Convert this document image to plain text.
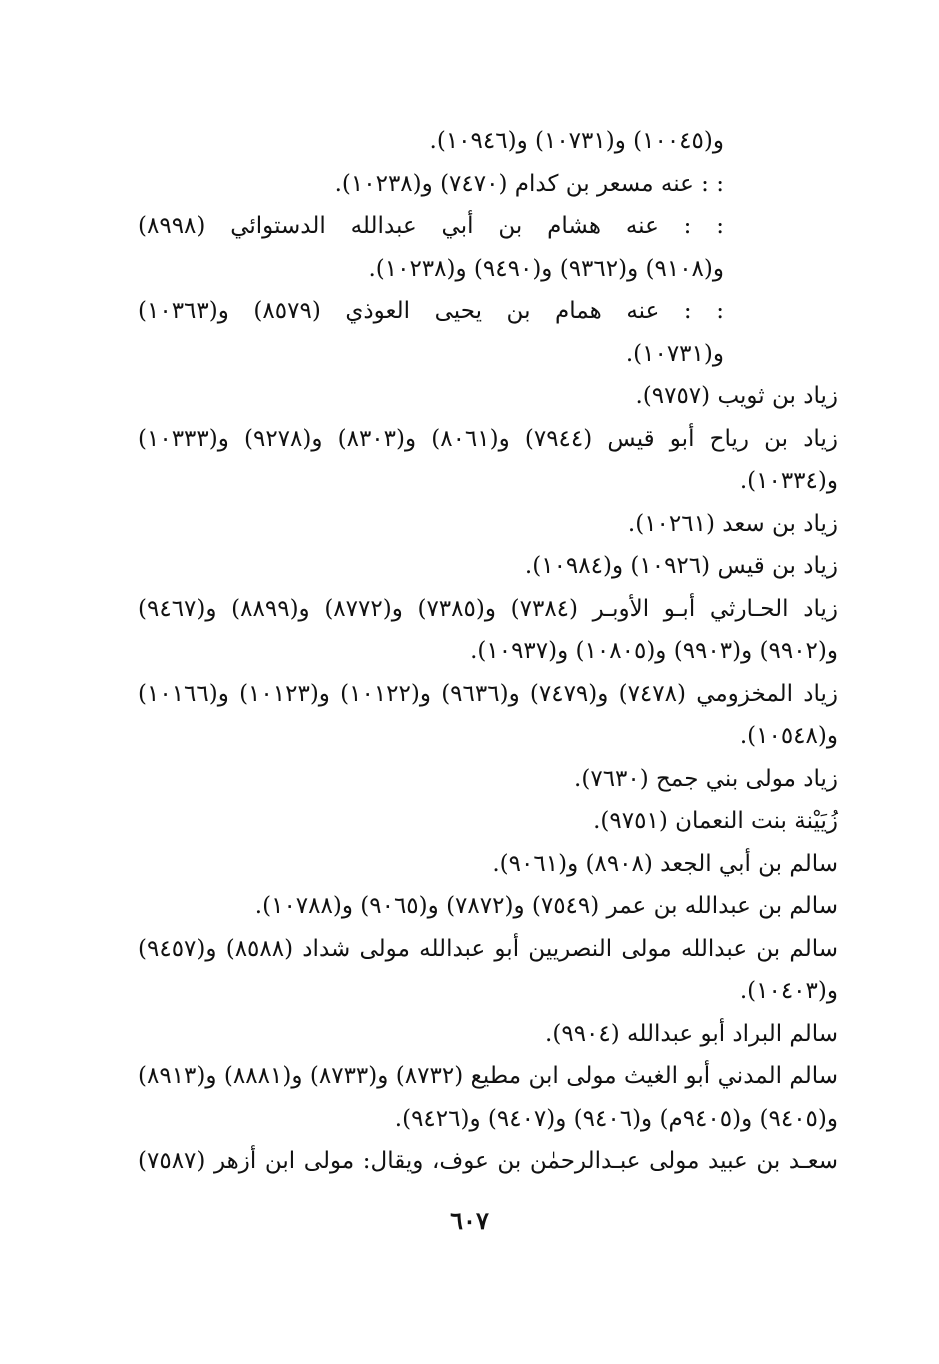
و(١٠٠٤٥) و(١٠٧٣١) و(١٠٩٤٦).
: : عنه مسعر بن كدام (٧٤٧٠) و(١٠٢٣٨).
: : عنه هشام بن أبي عبدالله الدستوائي (٨٩٩٨)
و(٩١٠٨) و(٩٣٦٢) و(٩٤٩٠) و(١٠٢٣٨).
: : عنه همام بن يحيى العوذي (٨٥٧٩) و(١٠٣٦٣)
و(١٠٧٣١).
زياد بن ثويب (٩٧٥٧).
زياد بن رياح أبو قيس (٧٩٤٤) و(٨٠٦١) و(٨٣٠٣) و(٩٢٧٨) و(١٠٣٣٣)
و(١٠٣٣٤).
زياد بن سعد (١٠٢٦١).
زياد بن قيس (١٠٩٢٦) و(١٠٩٨٤).
زياد الحـارثي أبـو الأوبـر (٧٣٨٤) و(٧٣٨٥) و(٨٧٧٢) و(٨٨٩٩) و(٩٤٦٧)
و(٩٩٠٢) و(٩٩٠٣) و(١٠٨٠٥) و(١٠٩٣٧).
زياد المخزومي (٧٤٧٨) و(٧٤٧٩) و(٩٦٣٦) و(١٠١٢٢) و(١٠١٢٣) و(١٠١٦٦)
و(١٠٥٤٨).
زياد مولى بني جمح (٧٦٣٠).
زُيَيْنة بنت النعمان (٩٧٥١).
سالم بن أبي الجعد (٨٩٠٨) و(٩٠٦١).
سالم بن عبدالله بن عمر (٧٥٤٩) و(٧٨٧٢) و(٩٠٦٥) و(١٠٧٨٨).
سالم بن عبدالله مولى النصريين أبو عبدالله مولى شداد (٨٥٨٨) و(٩٤٥٧)
و(١٠٤٠٣).
سالم البراد أبو عبدالله (٩٩٠٤).
سالم المدني أبو الغيث مولى ابن مطيع (٨٧٣٢) و(٨٧٣٣) و(٨٨٨١) و(٨٩١٣)
و(٩٤٠٥) و(٩٤٠٥م) و(٩٤٠٦) و(٩٤٠٧) و(٩٤٢٦).
سعـد بن عبيد مولى عبـدالرحمٰن بن عوف، ويقال: مولى ابن أزهر (٧٥٨٧)
٦٠٧
